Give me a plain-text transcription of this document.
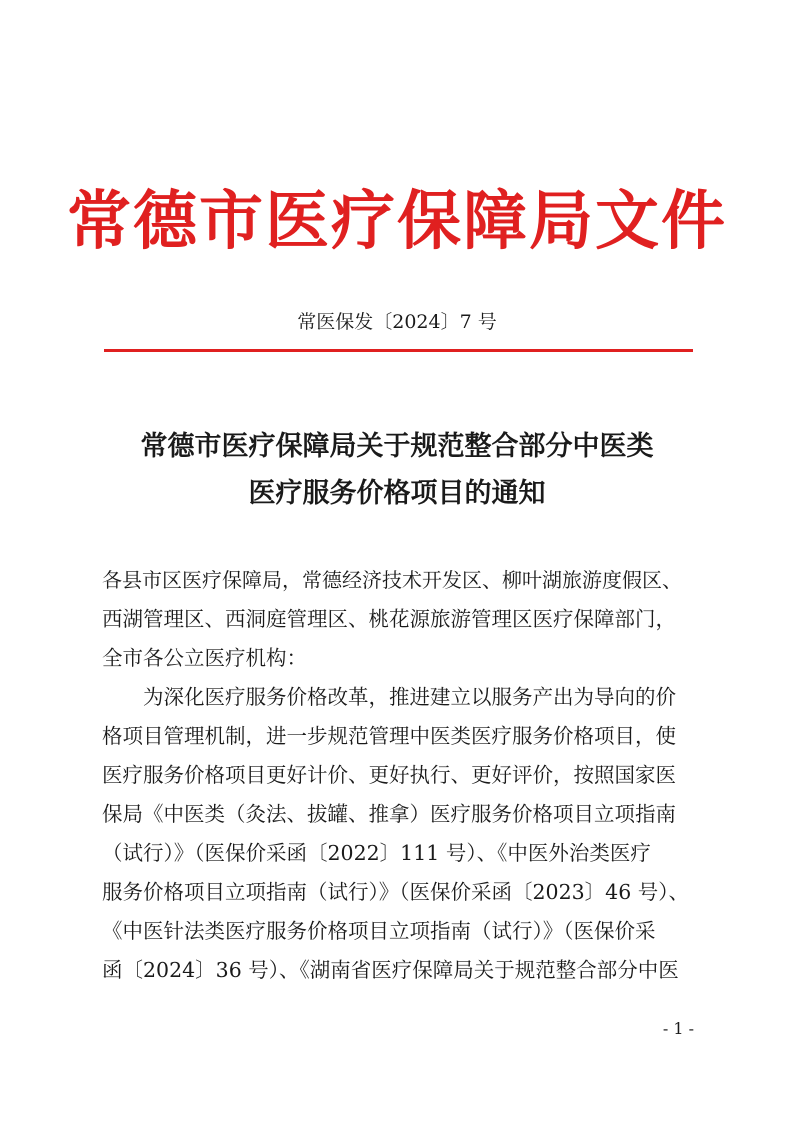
常德市医疗保障局文件
常医保发〔2024〕7 号
常德市医疗保障局关于规范整合部分中医类
医疗服务价格项目的通知
各县市区医疗保障局，常德经济技术开发区、柳叶湖旅游度假区、
西湖管理区、西洞庭管理区、桃花源旅游管理区医疗保障部门，
全市各公立医疗机构：
　　为深化医疗服务价格改革，推进建立以服务产出为导向的价
格项目管理机制，进一步规范管理中医类医疗服务价格项目，使
医疗服务价格项目更好计价、更好执行、更好评价，按照国家医
保局《中医类（灸法、拔罐、推拿）医疗服务价格项目立项指南
（试行）》（医保价采函〔2022〕111 号）、《中医外治类医疗
服务价格项目立项指南（试行）》（医保价采函〔2023〕46 号）、
《中医针法类医疗服务价格项目立项指南（试行）》（医保价采
函〔2024〕36 号）、《湖南省医疗保障局关于规范整合部分中医
- 1 -
